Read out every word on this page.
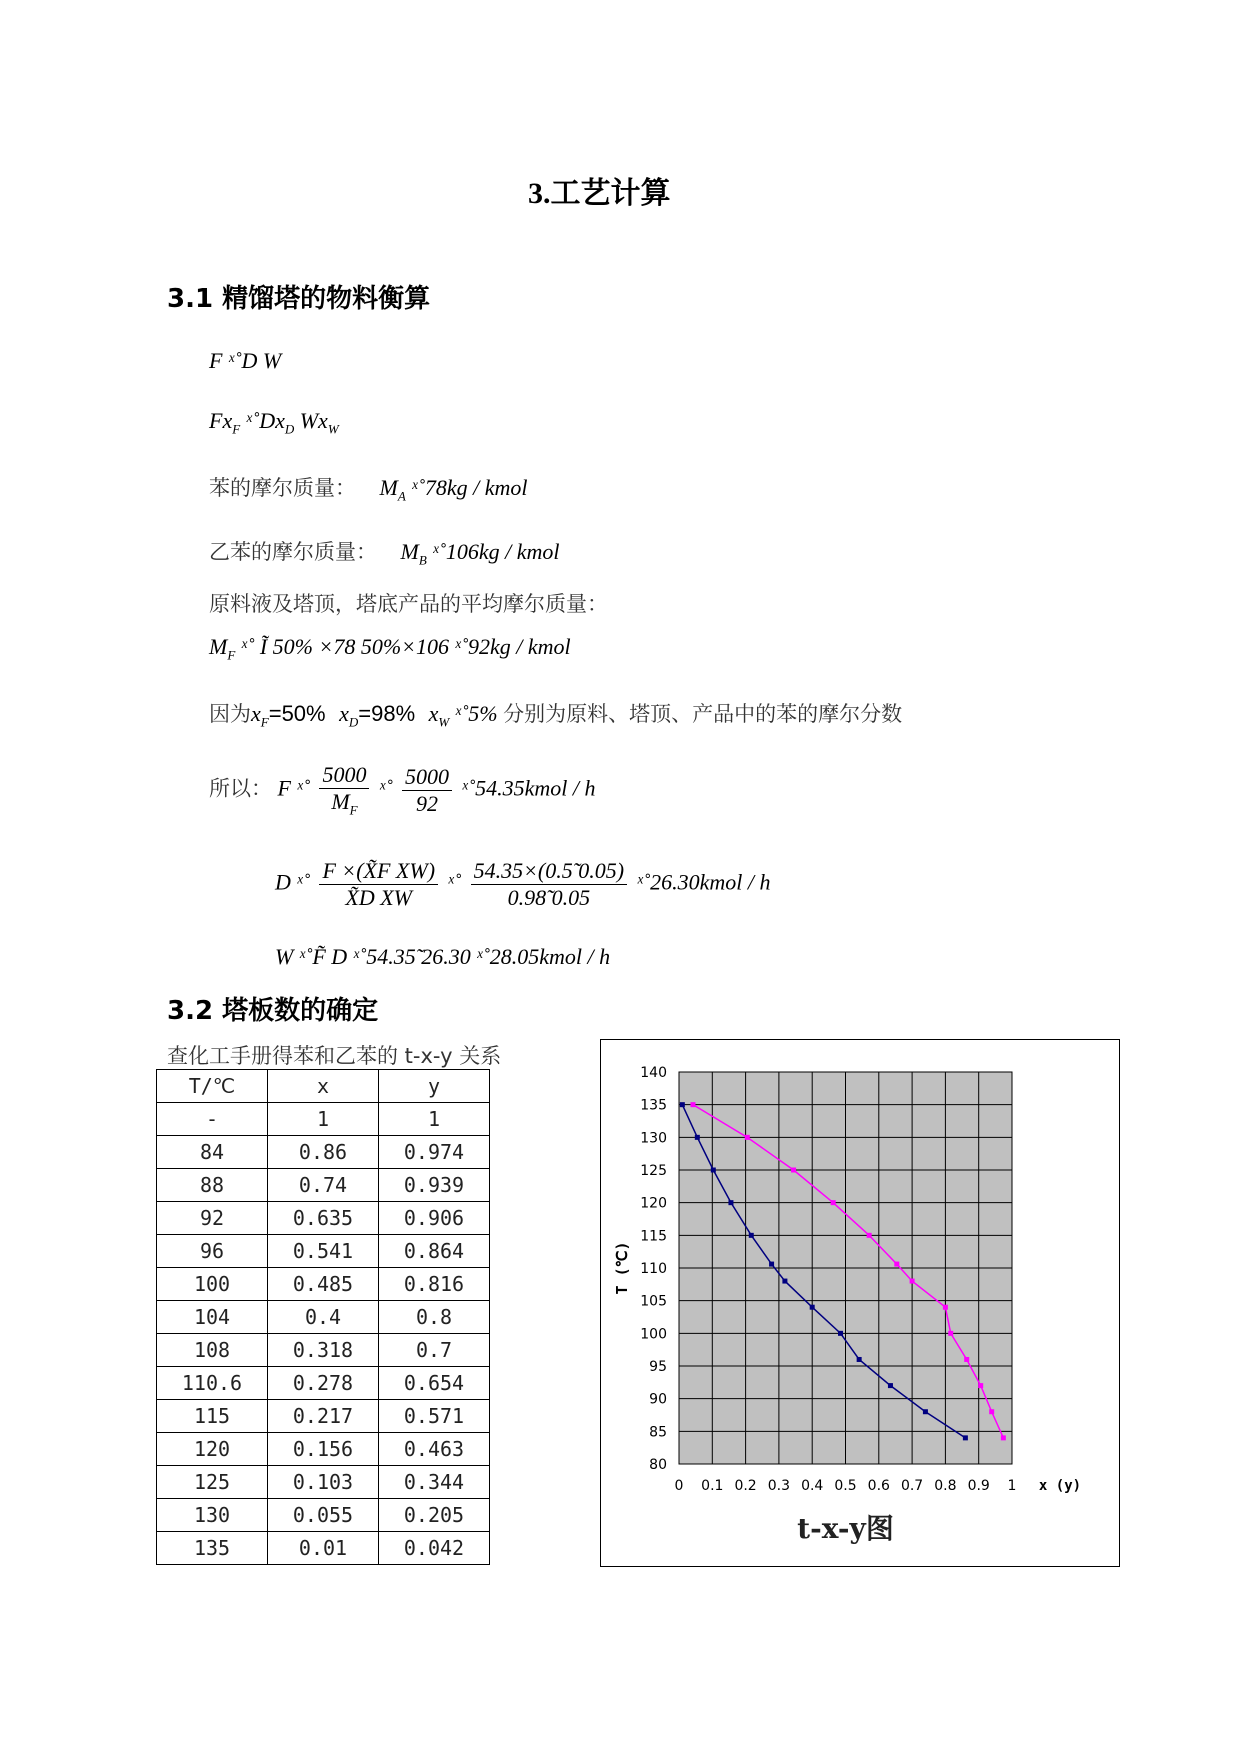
3.工艺计算
3.1 精馏塔的物料衡算
F ˣ˚D W
$Fx_F$ $ˣ˚Dx_D$ $Wx_W$
苯的摩尔质量： $M_A$ ˣ˚78kg / kmol
乙苯的摩尔质量： $M_B$ ˣ˚106kg / kmol
原料液及塔顶，塔底产品的平均摩尔质量：
$M_F$ ˣ˚ Ĩ 50% ×78 50%×106 ˣ˚92kg / kmol
因为$x_F=50\%$ $x_D=98\%$ $x_W$ ˣ˚5% 分别为原料、塔顶、产品中的苯的摩尔分数
所以： F ˣ˚ $\frac{5000}{M_F}$ ˣ˚ $\frac{5000}{92}$ ˣ˚54.35kmol / h
D ˣ˚ $\frac{\text{F ×(X̃F XW)}}{\text{X̃D XW}}$ ˣ˚ $\frac{54.35\times(0.5̃ 0.05)}{0.98̃ 0.05}$ ˣ˚26.30kmol / h
W ˣ˚F̃ D ˣ˚54.35̃ 26.30 ˣ˚28.05kmol / h
3.2 塔板数的确定
查化工手册得苯和乙苯的 t-x-y 关系
T/℃	x	y
-	1	1
84	0.86	0.974
88	0.74	0.939
92	0.635	0.906
96	0.541	0.864
100	0.485	0.816
104	0.4	0.8
108	0.318	0.7
110.6	0.278	0.654
115	0.217	0.571
120	0.156	0.463
125	0.103	0.344
130	0.055	0.205
135	0.01	0.042
80
85
90
95
100
105
110
115
120
125
130
135
140
0 0.1 0.2 0.3 0.4 0.5 0.6 0.7 0.8 0.9 1 x (y)
T (℃)
t-x-y图
